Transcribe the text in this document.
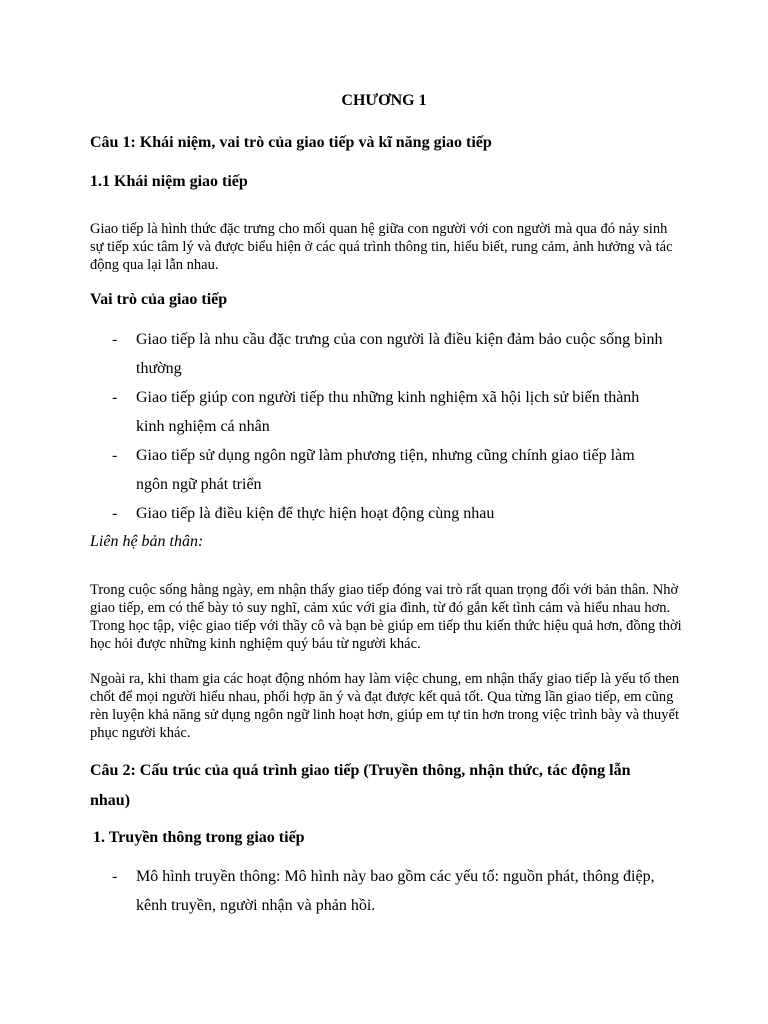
CHƯƠNG 1
Câu 1: Khái niệm, vai trò của giao tiếp và kĩ năng giao tiếp
1.1 Khái niệm giao tiếp
Giao tiếp là hình thức đặc trưng cho mối quan hệ giữa con người với con người mà qua đó nảy sinh sự tiếp xúc tâm lý và được biểu hiện ở các quá trình thông tin, hiểu biết, rung cảm, ảnh hưởng và tác động qua lại lẫn nhau.
Vai trò của giao tiếp
- Giao tiếp là nhu cầu đặc trưng của con người là điều kiện đảm bảo cuộc sống bình thường
- Giao tiếp giúp con người tiếp thu những kinh nghiệm xã hội lịch sử biến thành kinh nghiệm cá nhân
- Giao tiếp sử dụng ngôn ngữ làm phương tiện, nhưng cũng chính giao tiếp làm ngôn ngữ phát triển
- Giao tiếp là điều kiện để thực hiện hoạt động cùng nhau
Liên hệ bản thân:
Trong cuộc sống hằng ngày, em nhận thấy giao tiếp đóng vai trò rất quan trọng đối với bản thân. Nhờ giao tiếp, em có thể bày tỏ suy nghĩ, cảm xúc với gia đình, từ đó gắn kết tình cảm và hiểu nhau hơn. Trong học tập, việc giao tiếp với thầy cô và bạn bè giúp em tiếp thu kiến thức hiệu quả hơn, đồng thời học hỏi được những kinh nghiệm quý báu từ người khác.
Ngoài ra, khi tham gia các hoạt động nhóm hay làm việc chung, em nhận thấy giao tiếp là yếu tố then chốt để mọi người hiểu nhau, phối hợp ăn ý và đạt được kết quả tốt. Qua từng lần giao tiếp, em cũng rèn luyện khả năng sử dụng ngôn ngữ linh hoạt hơn, giúp em tự tin hơn trong việc trình bày và thuyết phục người khác.
Câu 2: Cấu trúc của quá trình giao tiếp (Truyền thông, nhận thức, tác động lẫn nhau)
1. Truyền thông trong giao tiếp
- Mô hình truyền thông: Mô hình này bao gồm các yếu tố: nguồn phát, thông điệp, kênh truyền, người nhận và phản hồi.
